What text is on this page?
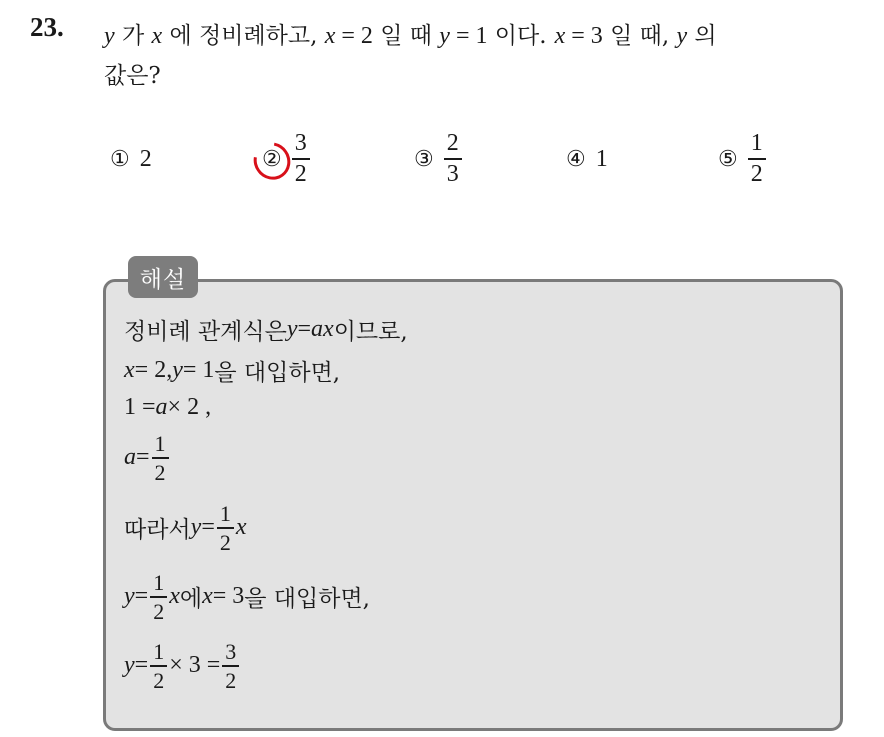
23. y 가 x 에 정비례하고, x = 2 일 때 y = 1 이다. x = 3 일 때, y 의
값은?
① 2	② $\frac{3}{2}$	③ $\frac{2}{3}$	④ 1	⑤ $\frac{1}{2}$
해설
정비례 관계식은 y = ax 이므로,
x = 2, y = 1 을 대입하면,
1 = a × 2 ,
$a = \frac{1}{2}$
따라서 $y = \frac{1}{2}$ x
$y = \frac{1}{2}$ x 에 x = 3 을 대입하면,
$y = \frac{1}{2} \times 3 = \frac{3}{2}$
